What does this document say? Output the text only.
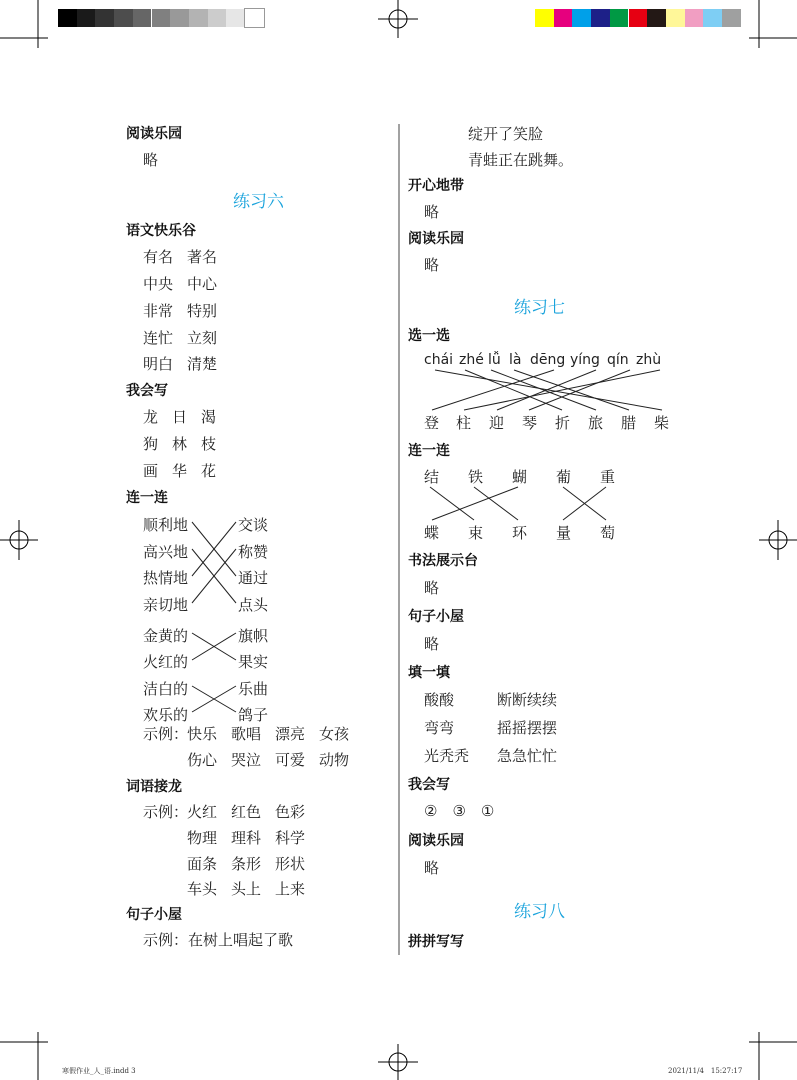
阅读乐园
略
练习六
语文快乐谷
有名 著名
中央 中心
非常 特别
连忙 立刻
明白 清楚
我会写
龙 日 渴
狗 林 枝
画 华 花
连一连
顺利地
高兴地
热情地
亲切地
交谈
称赞
通过
点头
金黄的
火红的
旗帜
果实
洁白的
欢乐的
乐曲
鸽子
示例：
快乐 歌唱 漂亮 女孩
伤心 哭泣 可爱 动物
词语接龙
示例：
火红 红色 色彩
物理 理科 科学
面条 条形 形状
车头 头上 上来
句子小屋
示例：在树上唱起了歌
绽开了笑脸
青蛙正在跳舞。
开心地带
略
阅读乐园
略
练习七
选一选
chái zhé lǚ là dēng yíng qín zhù
登 柱 迎 琴 折 旅 腊 柴
连一连
结 铁 蝴 葡 重
蝶 束 环 量 萄
书法展示台
略
句子小屋
略
填一填
酸酸	断断续续
弯弯	摇摇摆摆
光秃秃 急急忙忙
我会写
②　③　①
阅读乐园
略
练习八
拼拼写写
寒假作业_人_语.indd 3	2021/11/4　15:27:17
